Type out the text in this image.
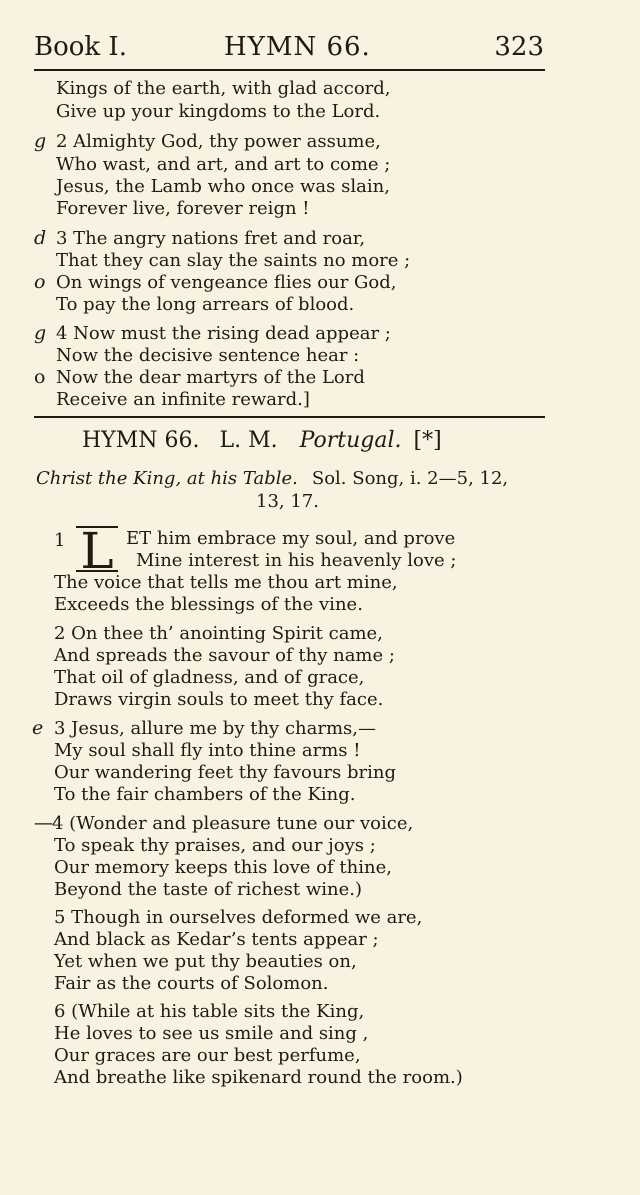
Book I.	HYMN 66.	323
Kings of the earth, with glad accord,
Give up your kingdoms to the Lord.
g 2 Almighty God, thy power assume,
Who wast, and art, and art to come ;
Jesus, the Lamb who once was slain,
Forever live, forever reign !
d 3 The angry nations fret and roar,
That they can slay the saints no more ;
o On wings of vengeance flies our God,
To pay the long arrears of blood.
g 4 Now must the rising dead appear ;
Now the decisive sentence hear :
o Now the dear martyrs of the Lord
Receive an infinite reward.]
HYMN 66. L. M. Portugal. [*]
Christ the King, at his Table. Sol. Song, i. 2—5, 12,
13, 17.
1 L ET him embrace my soul, and prove
Mine interest in his heavenly love ;
The voice that tells me thou art mine,
Exceeds the blessings of the vine.
2 On thee th’ anointing Spirit came,
And spreads the savour of thy name ;
That oil of gladness, and of grace,
Draws virgin souls to meet thy face.
e 3 Jesus, allure me by thy charms,—
My soul shall fly into thine arms !
Our wandering feet thy favours bring
To the fair chambers of the King.
— 4 (Wonder and pleasure tune our voice,
To speak thy praises, and our joys ;
Our memory keeps this love of thine,
Beyond the taste of richest wine.)
5 Though in ourselves deformed we are,
And black as Kedar’s tents appear ;
Yet when we put thy beauties on,
Fair as the courts of Solomon.
6 (While at his table sits the King,
He loves to see us smile and sing ,
Our graces are our best perfume,
And breathe like spikenard round the room.)
